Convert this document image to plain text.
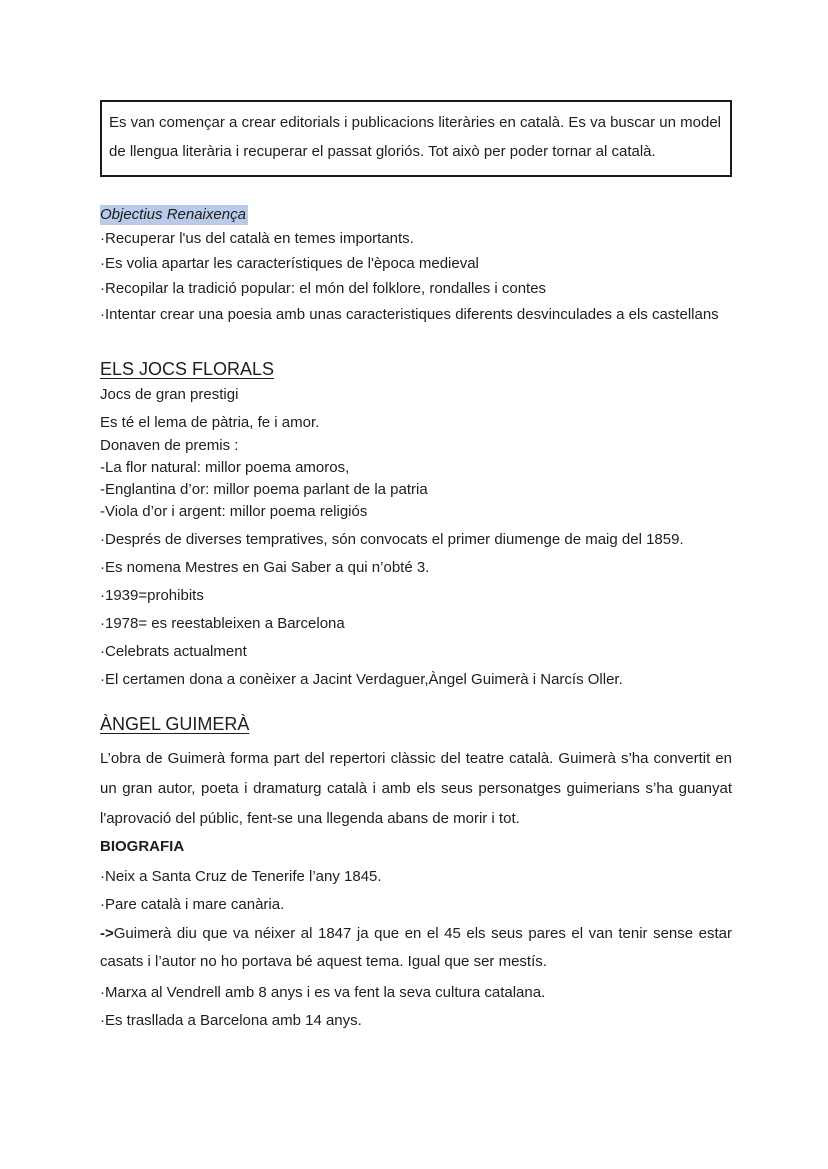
Es van començar a crear editorials i publicacions literàries en català. Es va buscar un model de llengua literària i recuperar el passat gloriós. Tot això per poder tornar al català.

Objectius Renaixença

·Recuperar l'us del català en temes importants.

·Es volia apartar les característiques de l'època medieval

·Recopilar la tradició popular: el món del folklore, rondalles i contes

·Intentar crear una poesia amb unas caracteristiques diferents desvinculades a els castellans

ELS JOCS FLORALS

Jocs de gran prestigi

Es té el lema de pàtria, fe i amor.

Donaven de premis :

-La flor natural: millor poema amoros,

-Englantina d’or: millor poema parlant de la patria

-Viola d’or i argent: millor poema religiós

·Després de diverses tempratives, són convocats el primer diumenge de maig del 1859.

·Es nomena Mestres en Gai Saber a qui n’obté 3.

·1939=prohibits

·1978= es reestableixen a Barcelona

·Celebrats actualment

·El certamen dona a conèixer a Jacint Verdaguer,Àngel Guimerà i Narcís Oller.

ÀNGEL GUIMERÀ

L’obra de Guimerà forma part del repertori clàssic del teatre català. Guimerà s’ha convertit en un gran autor, poeta i dramaturg català i amb els seus personatges guimerians s’ha guanyat l'aprovació del públic, fent-se una llegenda abans de morir i tot.

BIOGRAFIA

·Neix a Santa Cruz de Tenerife l’any 1845.

·Pare català i mare canària.

->Guimerà diu que va néixer al 1847 ja que en el 45 els seus pares el van tenir sense estar casats i l’autor no ho portava bé aquest tema. Igual que ser mestís.

·Marxa al Vendrell amb 8 anys i es va fent la seva cultura catalana.

·Es trasllada a Barcelona amb 14 anys.
